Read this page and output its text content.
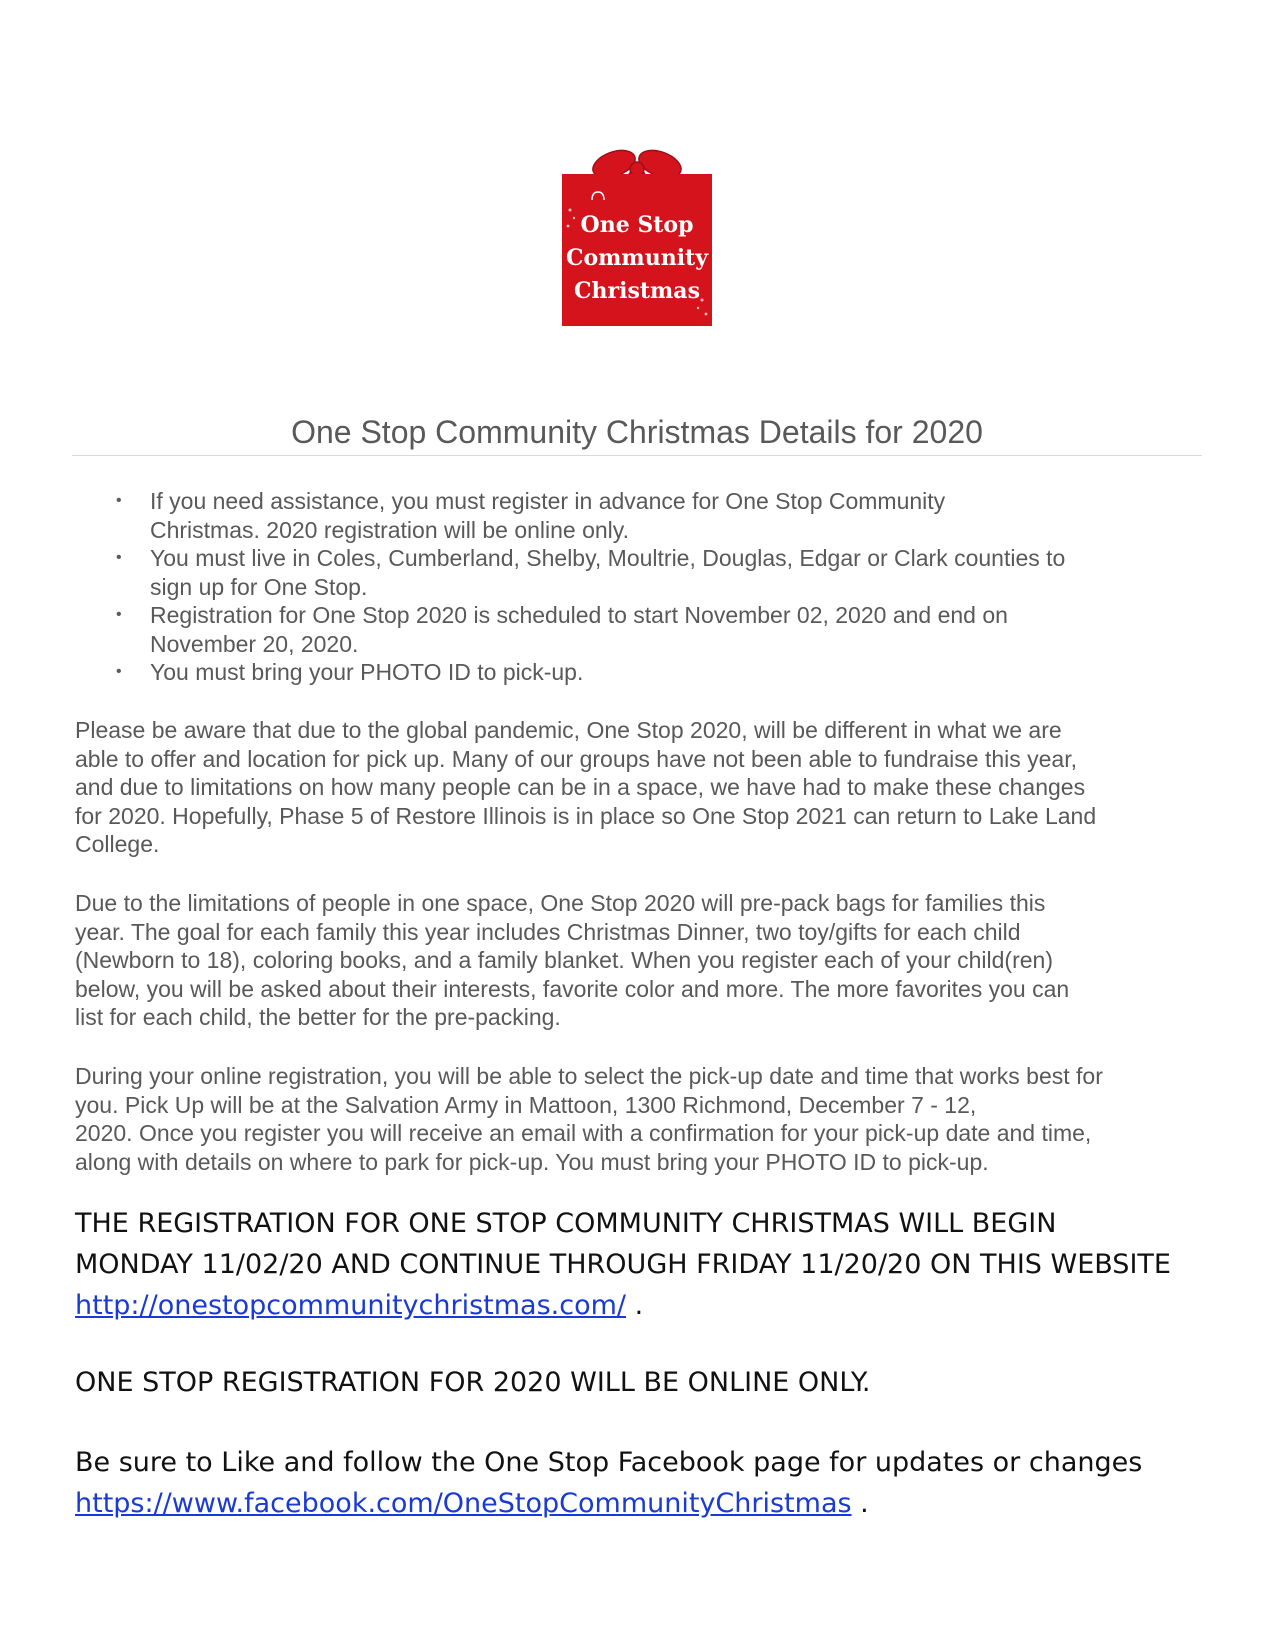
One Stop
Community
Christmas
One Stop Community Christmas Details for 2020
• If you need assistance, you must register in advance for One Stop Community
Christmas. 2020 registration will be online only.
• You must live in Coles, Cumberland, Shelby, Moultrie, Douglas, Edgar or Clark counties to
sign up for One Stop.
• Registration for One Stop 2020 is scheduled to start November 02, 2020 and end on
November 20, 2020.
• You must bring your PHOTO ID to pick-up.
Please be aware that due to the global pandemic, One Stop 2020, will be different in what we are
able to offer and location for pick up. Many of our groups have not been able to fundraise this year,
and due to limitations on how many people can be in a space, we have had to make these changes
for 2020. Hopefully, Phase 5 of Restore Illinois is in place so One Stop 2021 can return to Lake Land
College.
Due to the limitations of people in one space, One Stop 2020 will pre-pack bags for families this
year. The goal for each family this year includes Christmas Dinner, two toy/gifts for each child
(Newborn to 18), coloring books, and a family blanket. When you register each of your child(ren)
below, you will be asked about their interests, favorite color and more. The more favorites you can
list for each child, the better for the pre-packing.
During your online registration, you will be able to select the pick-up date and time that works best for
you. Pick Up will be at the Salvation Army in Mattoon, 1300 Richmond, December 7 - 12,
2020. Once you register you will receive an email with a confirmation for your pick-up date and time,
along with details on where to park for pick-up. You must bring your PHOTO ID to pick-up.
THE REGISTRATION FOR ONE STOP COMMUNITY CHRISTMAS WILL BEGIN
MONDAY 11/02/20 AND CONTINUE THROUGH FRIDAY 11/20/20 ON THIS WEBSITE
http://onestopcommunitychristmas.com/ .
ONE STOP REGISTRATION FOR 2020 WILL BE ONLINE ONLY.
Be sure to Like and follow the One Stop Facebook page for updates or changes
https://www.facebook.com/OneStopCommunityChristmas .
